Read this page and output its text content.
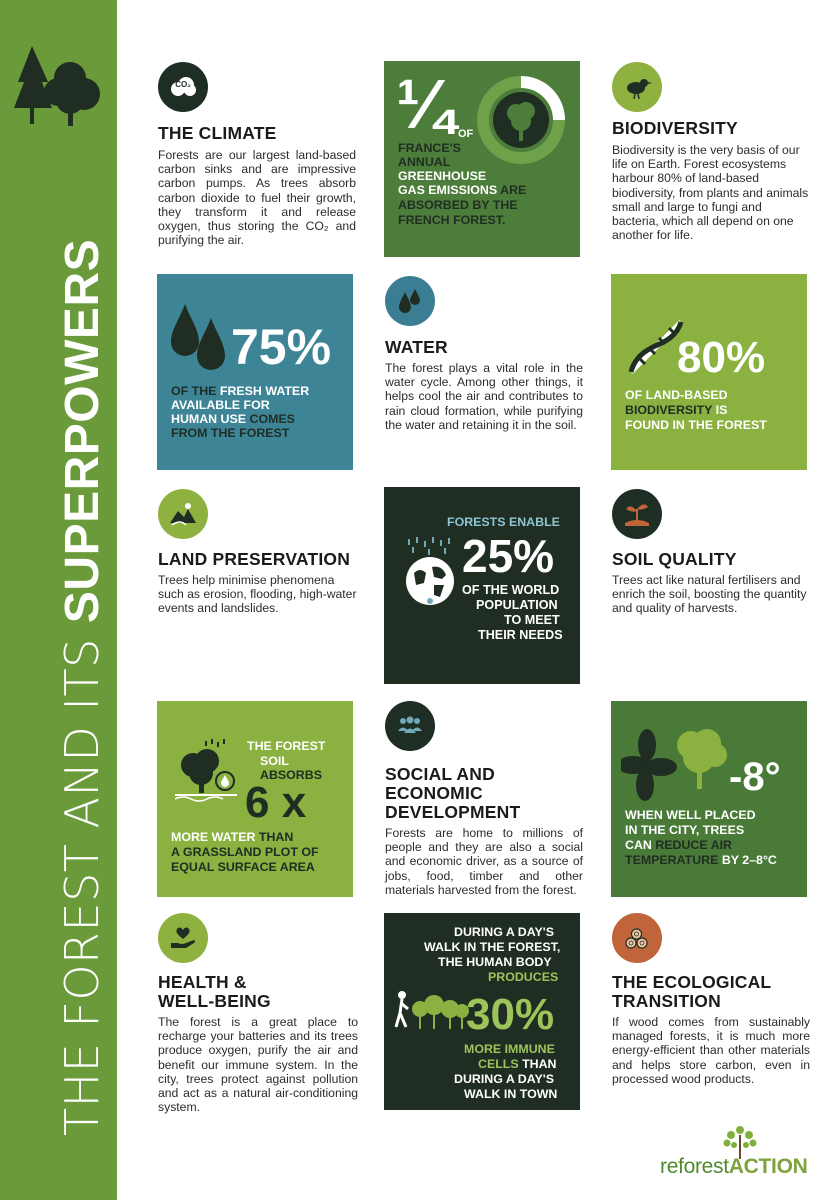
THE FOREST AND ITS SUPERPOWERS
CO₂
THE CLIMATE
Forests are our largest land-based carbon sinks and are impressive carbon pumps. As trees absorb carbon dioxide to fuel their growth, they transform it and release oxygen, thus storing the CO₂ and purifying the air.
¼ OF
FRANCE'S
ANNUAL
GREENHOUSE
GAS EMISSIONS ARE
ABSORBED BY THE
FRENCH FOREST.
BIODIVERSITY
Biodiversity is the very basis of our life on Earth. Forest ecosystems harbour 80% of land-based biodiversity, from plants and animals small and large to fungi and bacteria, which all depend on one another for life.
75%
OF THE FRESH WATER
AVAILABLE FOR
HUMAN USE COMES
FROM THE FOREST
WATER
The forest plays a vital role in the water cycle. Among other things, it helps cool the air and contributes to rain cloud formation, while purifying the water and retaining it in the soil.
80%
OF LAND-BASED
BIODIVERSITY IS
FOUND IN THE FOREST
LAND PRESERVATION
Trees help minimise phenomena such as erosion, flooding, high-water events and landslides.
FORESTS ENABLE
25%
OF THE WORLD
POPULATION
TO MEET
THEIR NEEDS
SOIL QUALITY
Trees act like natural fertilisers and enrich the soil, boosting the quantity and quality of harvests.
THE FOREST
SOIL ABSORBS
6 x
MORE WATER THAN
A GRASSLAND PLOT OF
EQUAL SURFACE AREA
SOCIAL AND
ECONOMIC
DEVELOPMENT
Forests are home to millions of people and they are also a social and economic driver, as a source of jobs, food, timber and other materials harvested from the forest.
-8°
WHEN WELL PLACED
IN THE CITY, TREES
CAN REDUCE AIR
TEMPERATURE BY 2–8°C
HEALTH &
WELL-BEING
The forest is a great place to recharge your batteries and its trees produce oxygen, purify the air and benefit our immune system. In the city, trees protect against pollution and act as a natural air-conditioning system.
DURING A DAY'S
WALK IN THE FOREST,
THE HUMAN BODY
PRODUCES
30%
MORE IMMUNE
CELLS THAN
DURING A DAY'S
WALK IN TOWN
THE ECOLOGICAL
TRANSITION
If wood comes from sustainably managed forests, it is much more energy-efficient than other materials and helps store carbon, even in processed wood products.
reforestACTION
